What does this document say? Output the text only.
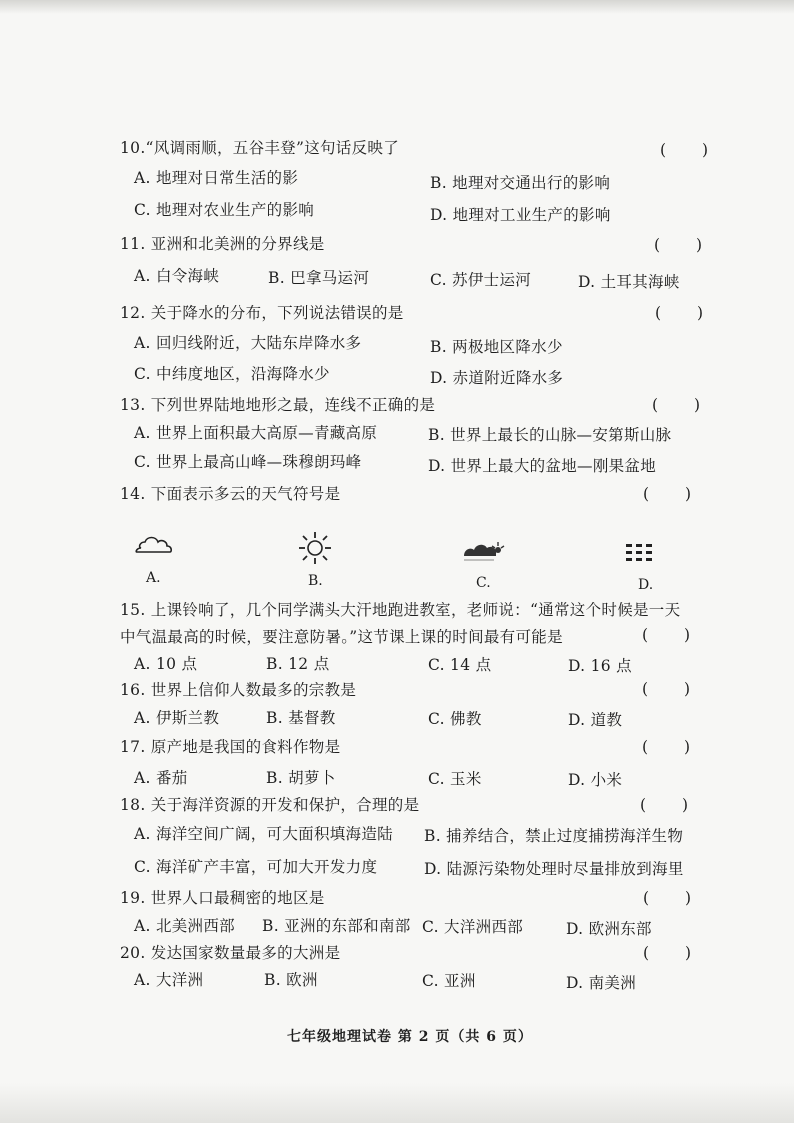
10.“风调雨顺，五谷丰登”这句话反映了	( )
A. 地理对日常生活的影	B. 地理对交通出行的影响
C. 地理对农业生产的影响	D. 地理对工业生产的影响
11. 亚洲和北美洲的分界线是	( )
A. 白令海峡	B. 巴拿马运河	C. 苏伊士运河	D. 土耳其海峡
12. 关于降水的分布，下列说法错误的是	( )
A. 回归线附近，大陆东岸降水多	B. 两极地区降水少
C. 中纬度地区，沿海降水少	D. 赤道附近降水多
13. 下列世界陆地地形之最，连线不正确的是	( )
A. 世界上面积最大高原—青藏高原	B. 世界上最长的山脉—安第斯山脉
C. 世界上最高山峰—珠穆朗玛峰	D. 世界上最大的盆地—刚果盆地
14. 下面表示多云的天气符号是	( )
A.	B.	C.	D.
15. 上课铃响了，几个同学满头大汗地跑进教室，老师说：“通常这个时候是一天
中气温最高的时候，要注意防暑。”这节课上课的时间最有可能是	( )
A. 10 点	B. 12 点	C. 14 点	D. 16 点
16. 世界上信仰人数最多的宗教是	( )
A. 伊斯兰教	B. 基督教	C. 佛教	D. 道教
17. 原产地是我国的食料作物是	( )
A. 番茄	B. 胡萝卜	C. 玉米	D. 小米
18. 关于海洋资源的开发和保护，合理的是	( )
A. 海洋空间广阔，可大面积填海造陆 B. 捕养结合，禁止过度捕捞海洋生物
C. 海洋矿产丰富，可加大开发力度	D. 陆源污染物处理时尽量排放到海里
19. 世界人口最稠密的地区是	( )
A. 北美洲西部 B. 亚洲的东部和南部 C. 大洋洲西部	D. 欧洲东部
20. 发达国家数量最多的大洲是	( )
A. 大洋洲	B. 欧洲	C. 亚洲	D. 南美洲
七年级地理试卷 第 2 页（共 6 页）
